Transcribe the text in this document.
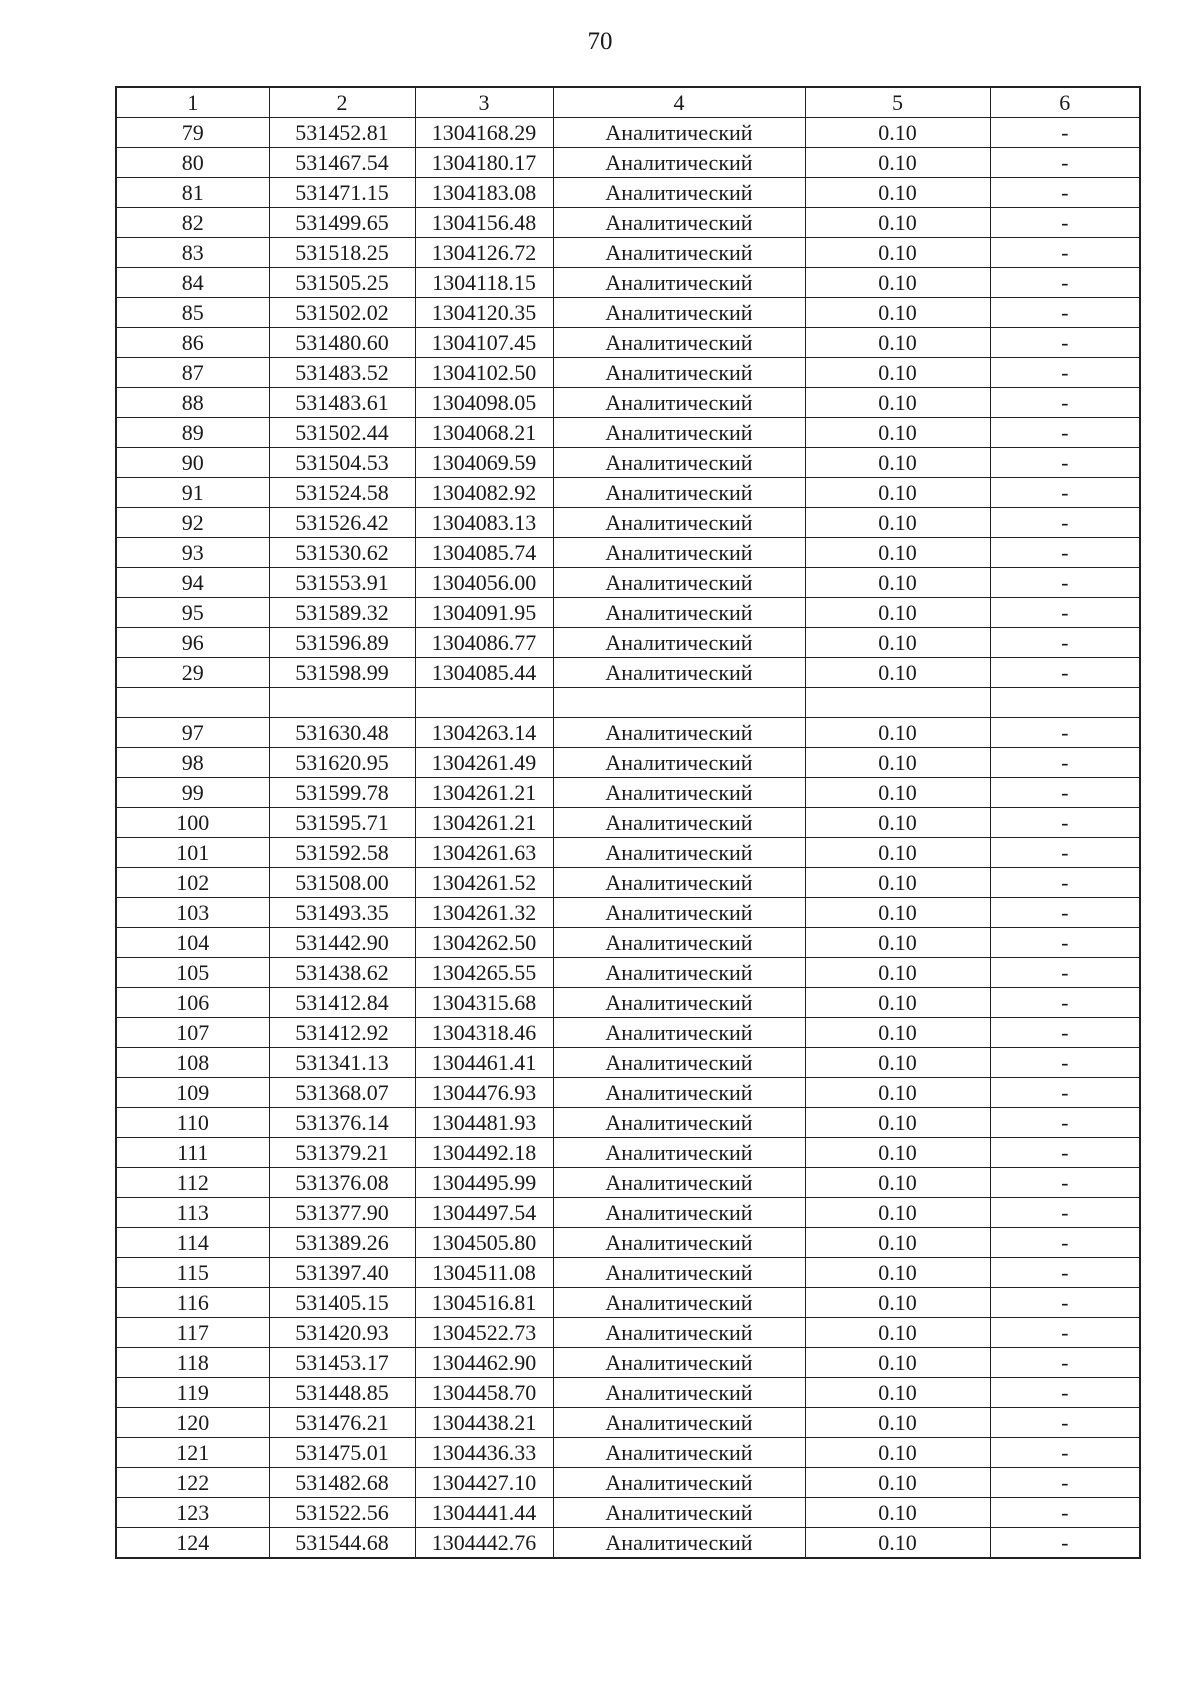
70
1	2	3	4	5	6
79	531452.81	1304168.29	Аналитический	0.10	-
80	531467.54	1304180.17	Аналитический	0.10	-
81	531471.15	1304183.08	Аналитический	0.10	-
82	531499.65	1304156.48	Аналитический	0.10	-
83	531518.25	1304126.72	Аналитический	0.10	-
84	531505.25	1304118.15	Аналитический	0.10	-
85	531502.02	1304120.35	Аналитический	0.10	-
86	531480.60	1304107.45	Аналитический	0.10	-
87	531483.52	1304102.50	Аналитический	0.10	-
88	531483.61	1304098.05	Аналитический	0.10	-
89	531502.44	1304068.21	Аналитический	0.10	-
90	531504.53	1304069.59	Аналитический	0.10	-
91	531524.58	1304082.92	Аналитический	0.10	-
92	531526.42	1304083.13	Аналитический	0.10	-
93	531530.62	1304085.74	Аналитический	0.10	-
94	531553.91	1304056.00	Аналитический	0.10	-
95	531589.32	1304091.95	Аналитический	0.10	-
96	531596.89	1304086.77	Аналитический	0.10	-
29	531598.99	1304085.44	Аналитический	0.10	-

97	531630.48	1304263.14	Аналитический	0.10	-
98	531620.95	1304261.49	Аналитический	0.10	-
99	531599.78	1304261.21	Аналитический	0.10	-
100	531595.71	1304261.21	Аналитический	0.10	-
101	531592.58	1304261.63	Аналитический	0.10	-
102	531508.00	1304261.52	Аналитический	0.10	-
103	531493.35	1304261.32	Аналитический	0.10	-
104	531442.90	1304262.50	Аналитический	0.10	-
105	531438.62	1304265.55	Аналитический	0.10	-
106	531412.84	1304315.68	Аналитический	0.10	-
107	531412.92	1304318.46	Аналитический	0.10	-
108	531341.13	1304461.41	Аналитический	0.10	-
109	531368.07	1304476.93	Аналитический	0.10	-
110	531376.14	1304481.93	Аналитический	0.10	-
111	531379.21	1304492.18	Аналитический	0.10	-
112	531376.08	1304495.99	Аналитический	0.10	-
113	531377.90	1304497.54	Аналитический	0.10	-
114	531389.26	1304505.80	Аналитический	0.10	-
115	531397.40	1304511.08	Аналитический	0.10	-
116	531405.15	1304516.81	Аналитический	0.10	-
117	531420.93	1304522.73	Аналитический	0.10	-
118	531453.17	1304462.90	Аналитический	0.10	-
119	531448.85	1304458.70	Аналитический	0.10	-
120	531476.21	1304438.21	Аналитический	0.10	-
121	531475.01	1304436.33	Аналитический	0.10	-
122	531482.68	1304427.10	Аналитический	0.10	-
123	531522.56	1304441.44	Аналитический	0.10	-
124	531544.68	1304442.76	Аналитический	0.10	-
